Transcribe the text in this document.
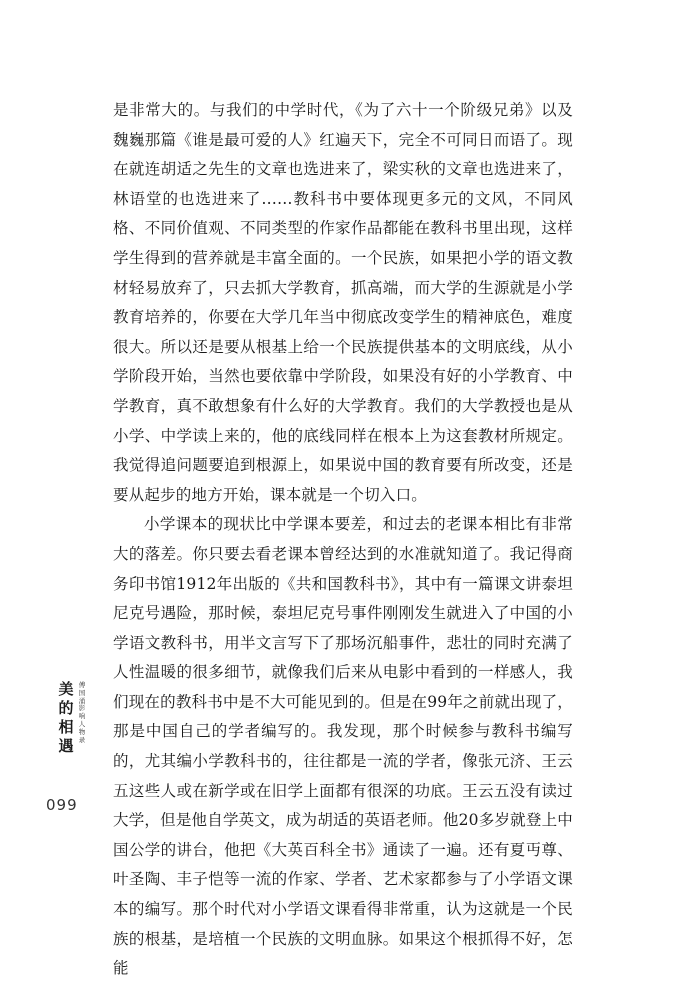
是非常大的。与我们的中学时代，《为了六十一个阶级兄弟》以及魏巍那篇《谁是最可爱的人》红遍天下，完全不可同日而语了。现在就连胡适之先生的文章也选进来了，梁实秋的文章也选进来了，林语堂的也选进来了……教科书中要体现更多元的文风，不同风格、不同价值观、不同类型的作家作品都能在教科书里出现，这样学生得到的营养就是丰富全面的。一个民族，如果把小学的语文教材轻易放弃了，只去抓大学教育，抓高端，而大学的生源就是小学教育培养的，你要在大学几年当中彻底改变学生的精神底色，难度很大。所以还是要从根基上给一个民族提供基本的文明底线，从小学阶段开始，当然也要依靠中学阶段，如果没有好的小学教育、中学教育，真不敢想象有什么好的大学教育。我们的大学教授也是从小学、中学读上来的，他的底线同样在根本上为这套教材所规定。我觉得追问题要追到根源上，如果说中国的教育要有所改变，还是要从起步的地方开始，课本就是一个切入口。

小学课本的现状比中学课本要差，和过去的老课本相比有非常大的落差。你只要去看老课本曾经达到的水准就知道了。我记得商务印书馆1912年出版的《共和国教科书》，其中有一篇课文讲泰坦尼克号遇险，那时候，泰坦尼克号事件刚刚发生就进入了中国的小学语文教科书，用半文言写下了那场沉船事件，悲壮的同时充满了人性温暖的很多细节，就像我们后来从电影中看到的一样感人，我们现在的教科书中是不大可能见到的。但是在99年之前就出现了，那是中国自己的学者编写的。我发现，那个时候参与教科书编写的，尤其编小学教科书的，往往都是一流的学者，像张元济、王云五这些人或在新学或在旧学上面都有很深的功底。王云五没有读过大学，但是他自学英文，成为胡适的英语老师。他20多岁就登上中国公学的讲台，他把《大英百科全书》通读了一遍。还有夏丏尊、叶圣陶、丰子恺等一流的作家、学者、艺术家都参与了小学语文课本的编写。那个时代对小学语文课看得非常重，认为这就是一个民族的根基，是培植一个民族的文明血脉。如果这个根抓得不好，怎能

美的相遇
傅国涌影响人物录
099
